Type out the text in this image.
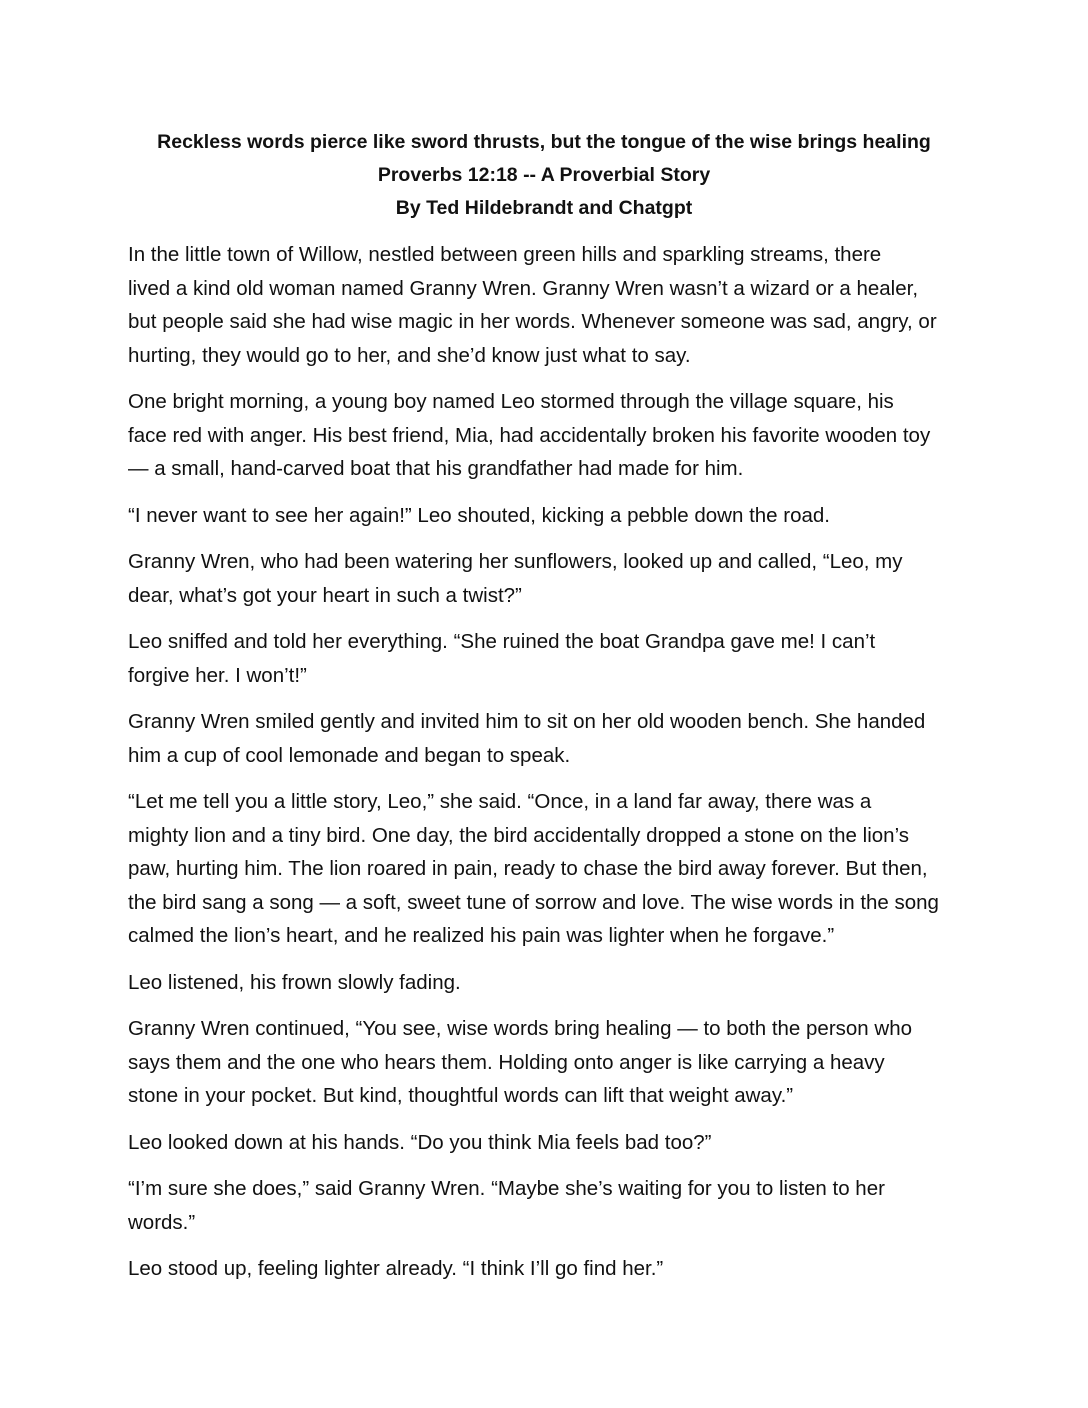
Reckless words pierce like sword thrusts, but the tongue of the wise brings healing
Proverbs 12:18 -- A Proverbial Story
By Ted Hildebrandt and Chatgpt
In the little town of Willow, nestled between green hills and sparkling streams, there
lived a kind old woman named Granny Wren. Granny Wren wasn’t a wizard or a healer,
but people said she had wise magic in her words. Whenever someone was sad, angry, or
hurting, they would go to her, and she’d know just what to say.
One bright morning, a young boy named Leo stormed through the village square, his
face red with anger. His best friend, Mia, had accidentally broken his favorite wooden toy
— a small, hand-carved boat that his grandfather had made for him.
“I never want to see her again!” Leo shouted, kicking a pebble down the road.
Granny Wren, who had been watering her sunflowers, looked up and called, “Leo, my
dear, what’s got your heart in such a twist?”
Leo sniffed and told her everything. “She ruined the boat Grandpa gave me! I can’t
forgive her. I won’t!”
Granny Wren smiled gently and invited him to sit on her old wooden bench. She handed
him a cup of cool lemonade and began to speak.
“Let me tell you a little story, Leo,” she said. “Once, in a land far away, there was a
mighty lion and a tiny bird. One day, the bird accidentally dropped a stone on the lion’s
paw, hurting him. The lion roared in pain, ready to chase the bird away forever. But then,
the bird sang a song — a soft, sweet tune of sorrow and love. The wise words in the song
calmed the lion’s heart, and he realized his pain was lighter when he forgave.”
Leo listened, his frown slowly fading.
Granny Wren continued, “You see, wise words bring healing — to both the person who
says them and the one who hears them. Holding onto anger is like carrying a heavy
stone in your pocket. But kind, thoughtful words can lift that weight away.”
Leo looked down at his hands. “Do you think Mia feels bad too?”
“I’m sure she does,” said Granny Wren. “Maybe she’s waiting for you to listen to her
words.”
Leo stood up, feeling lighter already. “I think I’ll go find her.”
